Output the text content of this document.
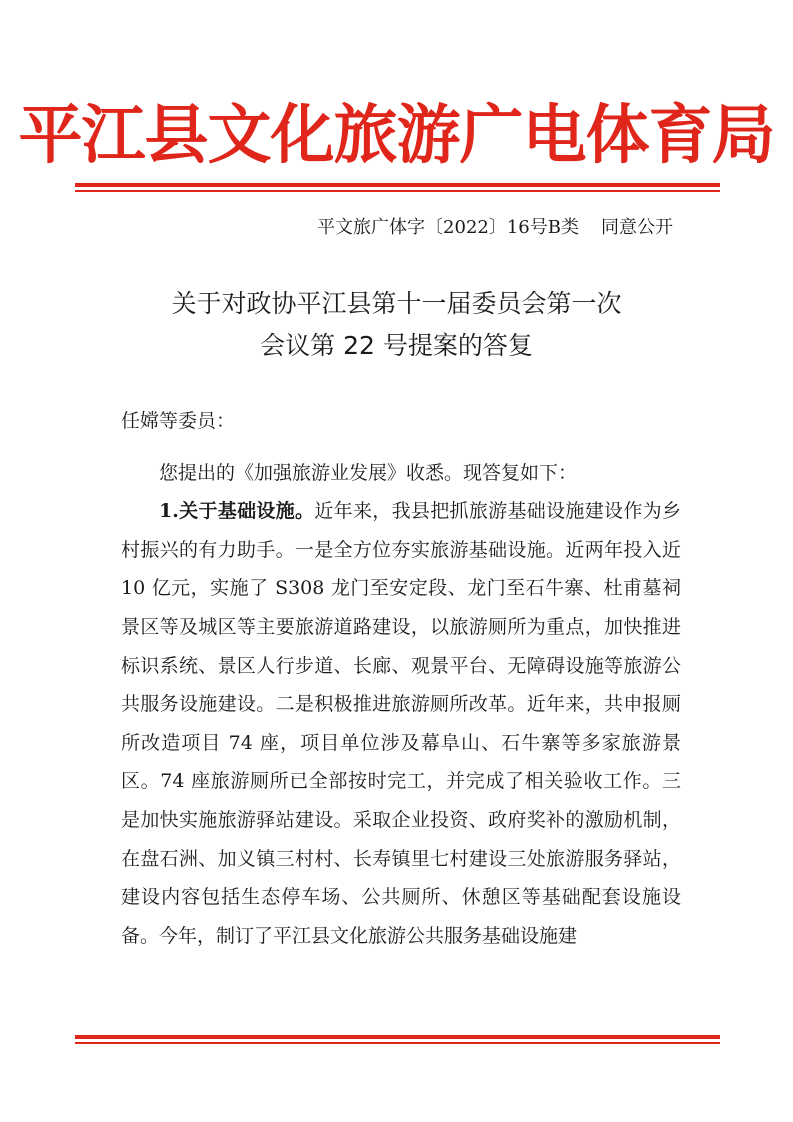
平江县文化旅游广电体育局
平文旅广体字〔2022〕16号B类 同意公开
关于对政协平江县第十一届委员会第一次
会议第 22 号提案的答复
任嫦等委员：

您提出的《加强旅游业发展》收悉。现答复如下：

1.关于基础设施。近年来，我县把抓旅游基础设施建设作为乡村振兴的有力助手。一是全方位夯实旅游基础设施。近两年投入近 10 亿元，实施了 S308 龙门至安定段、龙门至石牛寨、杜甫墓祠景区等及城区等主要旅游道路建设，以旅游厕所为重点，加快推进标识系统、景区人行步道、长廊、观景平台、无障碍设施等旅游公共服务设施建设。二是积极推进旅游厕所改革。近年来，共申报厕所改造项目 74 座，项目单位涉及幕阜山、石牛寨等多家旅游景区。74 座旅游厕所已全部按时完工，并完成了相关验收工作。三是加快实施旅游驿站建设。采取企业投资、政府奖补的激励机制，在盘石洲、加义镇三村村、长寿镇里七村建设三处旅游服务驿站，建设内容包括生态停车场、公共厕所、休憩区等基础配套设施设备。今年，制订了平江县文化旅游公共服务基础设施建
